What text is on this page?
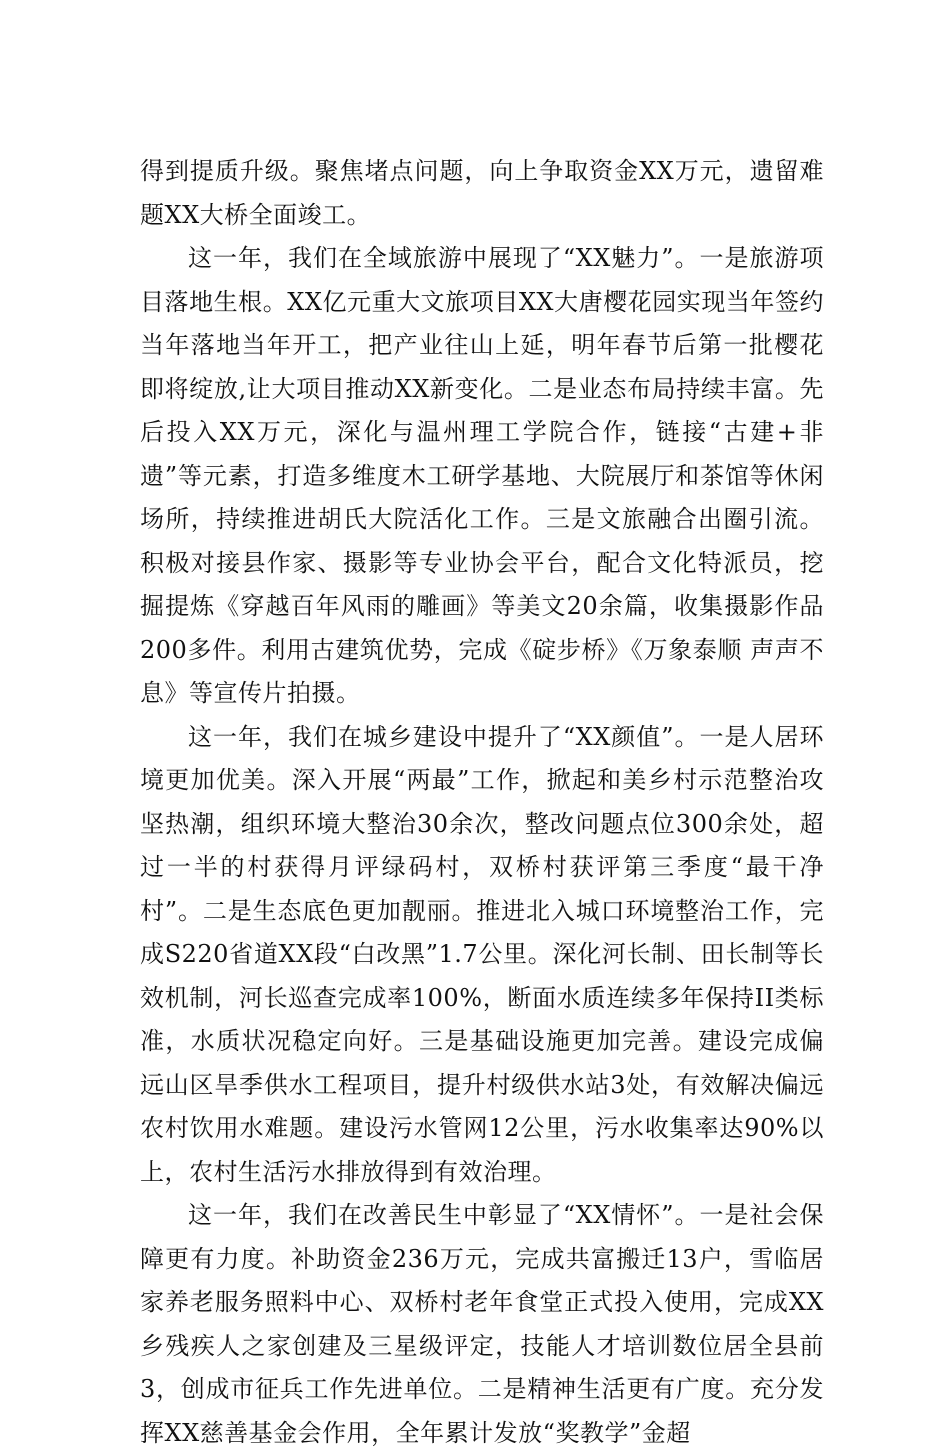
得到提质升级。聚焦堵点问题，向上争取资金XX万元，遗留难题XX大桥全面竣工。

这一年，我们在全域旅游中展现了“XX魅力”。一是旅游项目落地生根。XX亿元重大文旅项目XX大唐樱花园实现当年签约当年落地当年开工，把产业往山上延，明年春节后第一批樱花即将绽放,让大项目推动XX新变化。二是业态布局持续丰富。先后投入XX万元，深化与温州理工学院合作，链接“古建+非遗”等元素，打造多维度木工研学基地、大院展厅和茶馆等休闲场所，持续推进胡氏大院活化工作。三是文旅融合出圈引流。积极对接县作家、摄影等专业协会平台，配合文化特派员，挖掘提炼《穿越百年风雨的雕画》等美文20余篇，收集摄影作品200多件。利用古建筑优势，完成《碇步桥》《万象泰顺 声声不息》等宣传片拍摄。

这一年，我们在城乡建设中提升了“XX颜值”。一是人居环境更加优美。深入开展“两最”工作，掀起和美乡村示范整治攻坚热潮，组织环境大整治30余次，整改问题点位300余处，超过一半的村获得月评绿码村，双桥村获评第三季度“最干净村”。二是生态底色更加靓丽。推进北入城口环境整治工作，完成S220省道XX段“白改黑”1.7公里。深化河长制、田长制等长效机制，河长巡查完成率100%，断面水质连续多年保持II类标准，水质状况稳定向好。三是基础设施更加完善。建设完成偏远山区旱季供水工程项目，提升村级供水站3处，有效解决偏远农村饮用水难题。建设污水管网12公里，污水收集率达90%以上，农村生活污水排放得到有效治理。

这一年，我们在改善民生中彰显了“XX情怀”。一是社会保障更有力度。补助资金236万元，完成共富搬迁13户，雪临居家养老服务照料中心、双桥村老年食堂正式投入使用，完成XX乡残疾人之家创建及三星级评定，技能人才培训数位居全县前3，创成市征兵工作先进单位。二是精神生活更有广度。充分发挥XX慈善基金会作用，全年累计发放“奖教学”金超
